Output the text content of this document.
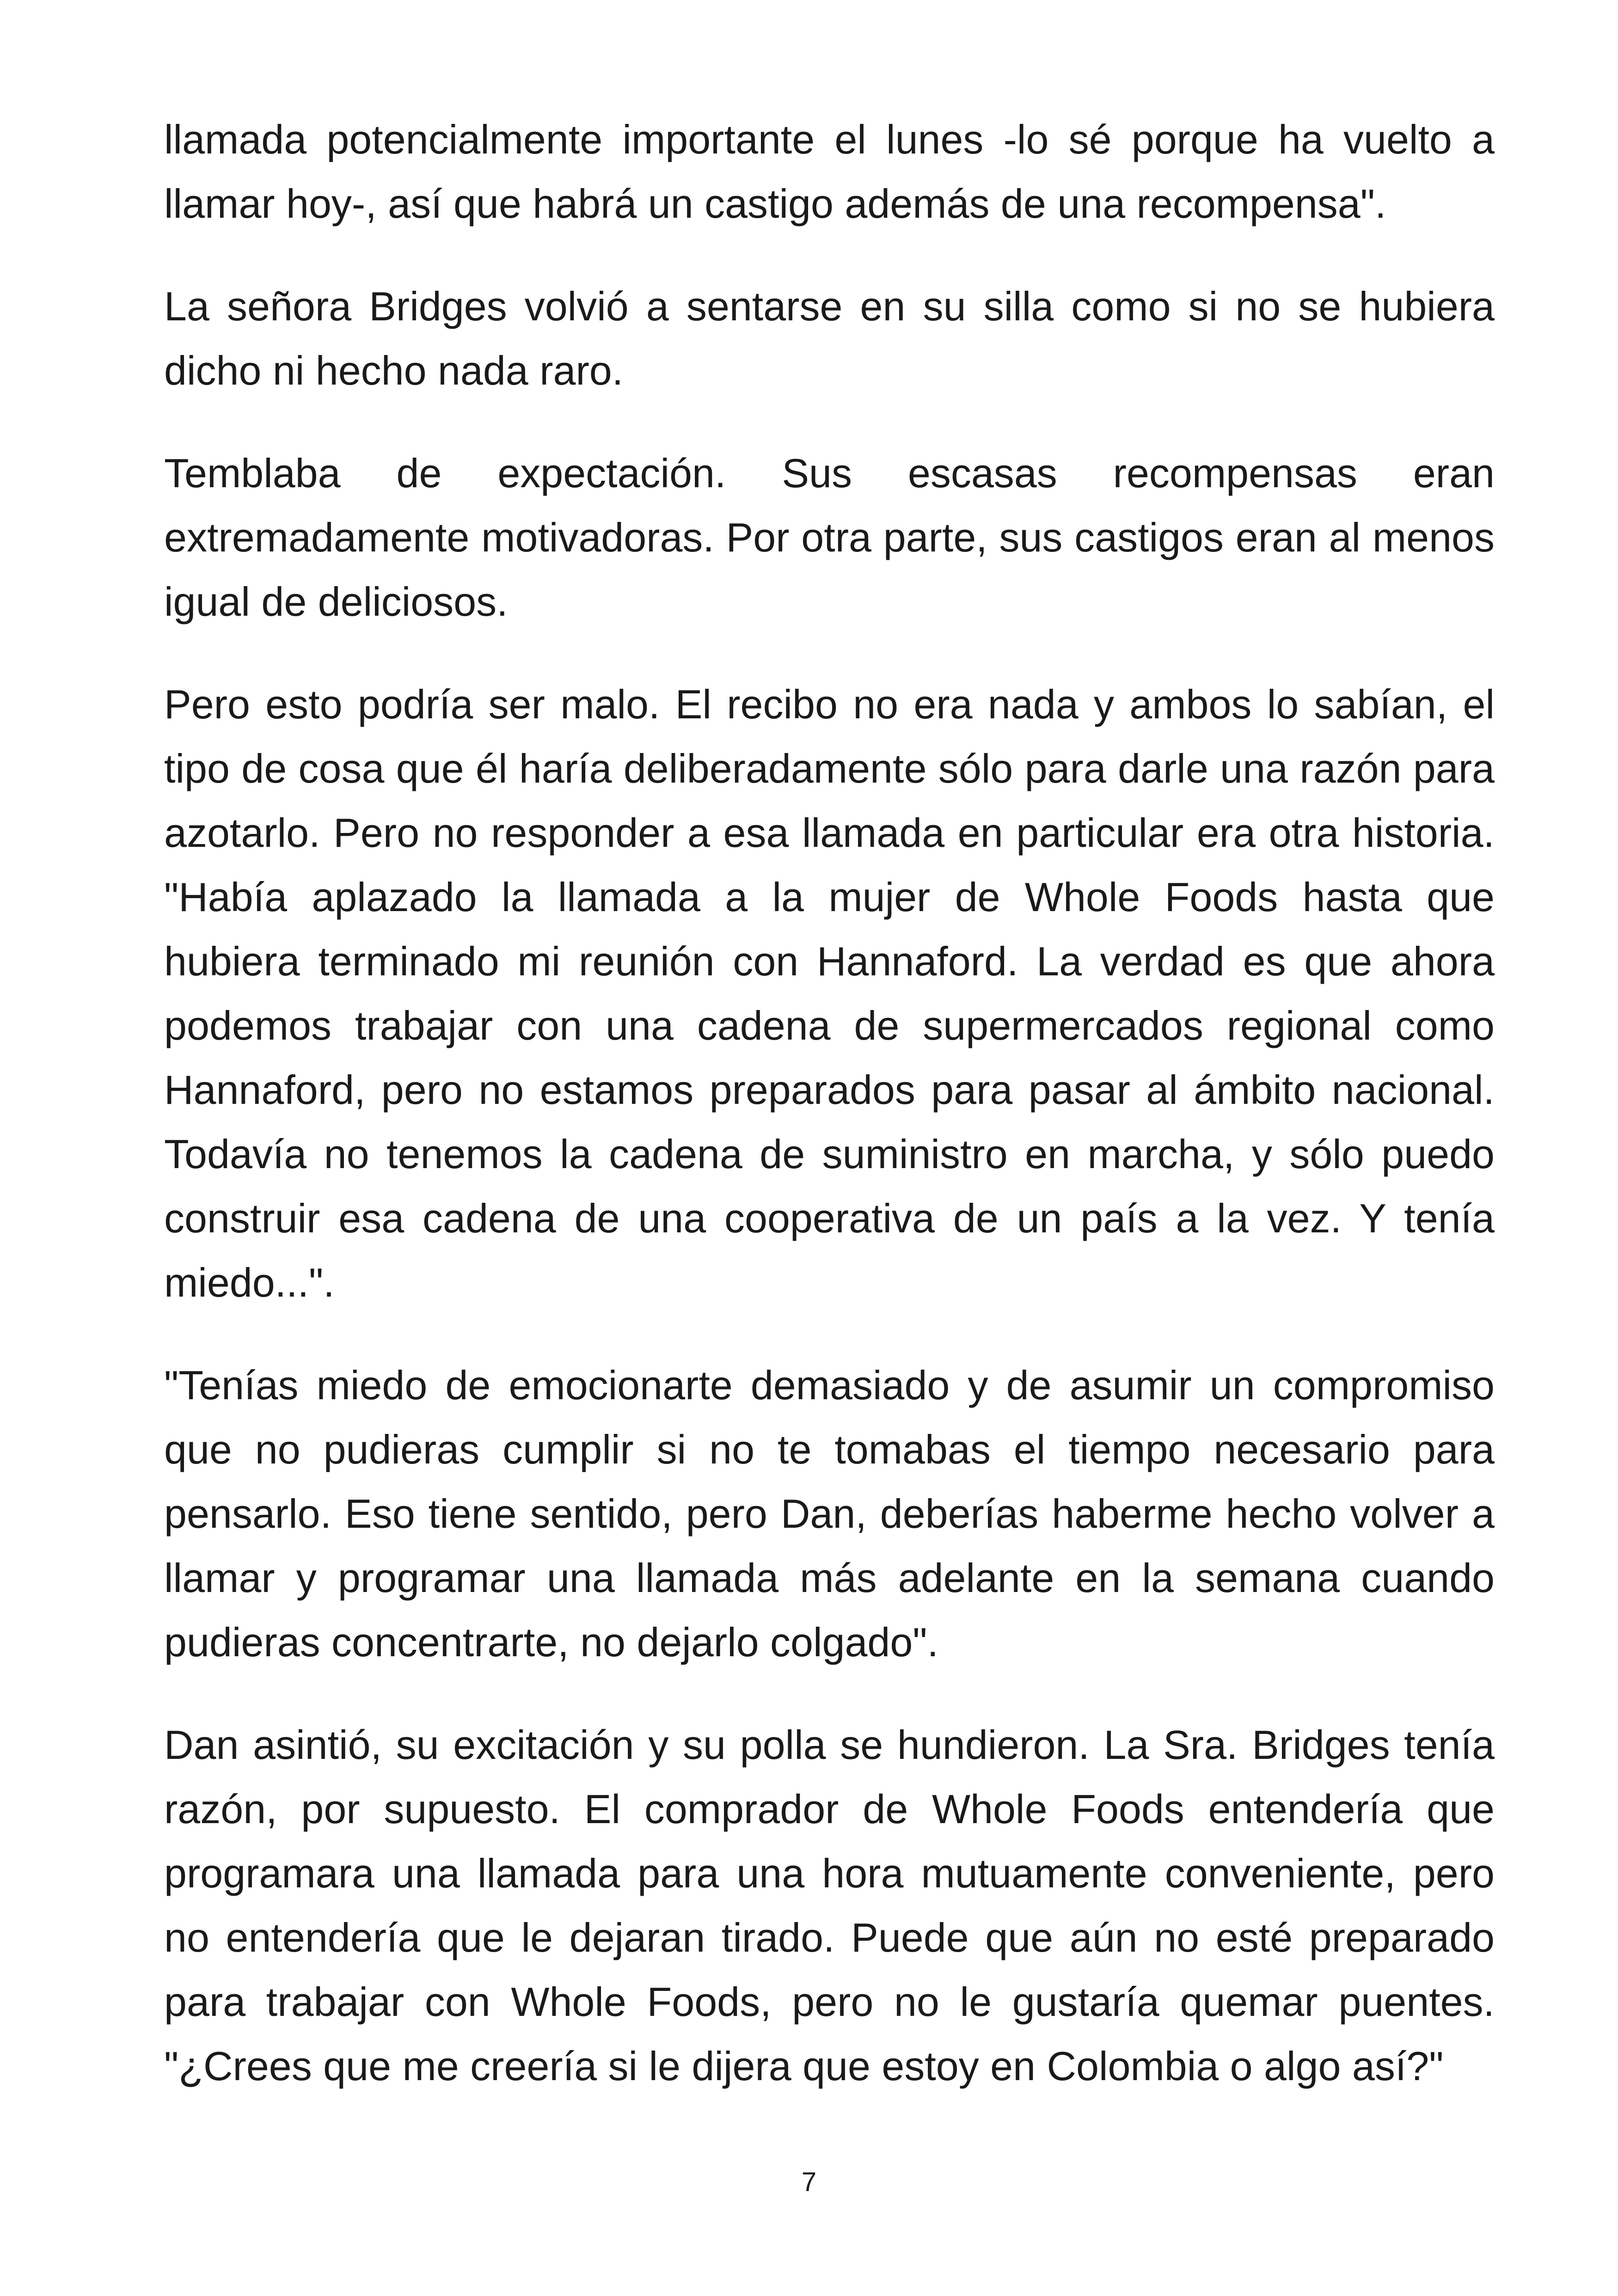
llamada potencialmente importante el lunes -lo sé porque ha vuelto a llamar hoy-, así que habrá un castigo además de una recompensa".

La señora Bridges volvió a sentarse en su silla como si no se hubiera dicho ni hecho nada raro.

Temblaba de expectación. Sus escasas recompensas eran extremadamente motivadoras. Por otra parte, sus castigos eran al menos igual de deliciosos.

Pero esto podría ser malo. El recibo no era nada y ambos lo sabían, el tipo de cosa que él haría deliberadamente sólo para darle una razón para azotarlo. Pero no responder a esa llamada en particular era otra historia. "Había aplazado la llamada a la mujer de Whole Foods hasta que hubiera terminado mi reunión con Hannaford. La verdad es que ahora podemos trabajar con una cadena de supermercados regional como Hannaford, pero no estamos preparados para pasar al ámbito nacional. Todavía no tenemos la cadena de suministro en marcha, y sólo puedo construir esa cadena de una cooperativa de un país a la vez. Y tenía miedo...".

"Tenías miedo de emocionarte demasiado y de asumir un compromiso que no pudieras cumplir si no te tomabas el tiempo necesario para pensarlo. Eso tiene sentido, pero Dan, deberías haberme hecho volver a llamar y programar una llamada más adelante en la semana cuando pudieras concentrarte, no dejarlo colgado".

Dan asintió, su excitación y su polla se hundieron. La Sra. Bridges tenía razón, por supuesto. El comprador de Whole Foods entendería que programara una llamada para una hora mutuamente conveniente, pero no entendería que le dejaran tirado. Puede que aún no esté preparado para trabajar con Whole Foods, pero no le gustaría quemar puentes. "¿Crees que me creería si le dijera que estoy en Colombia o algo así?"

7
